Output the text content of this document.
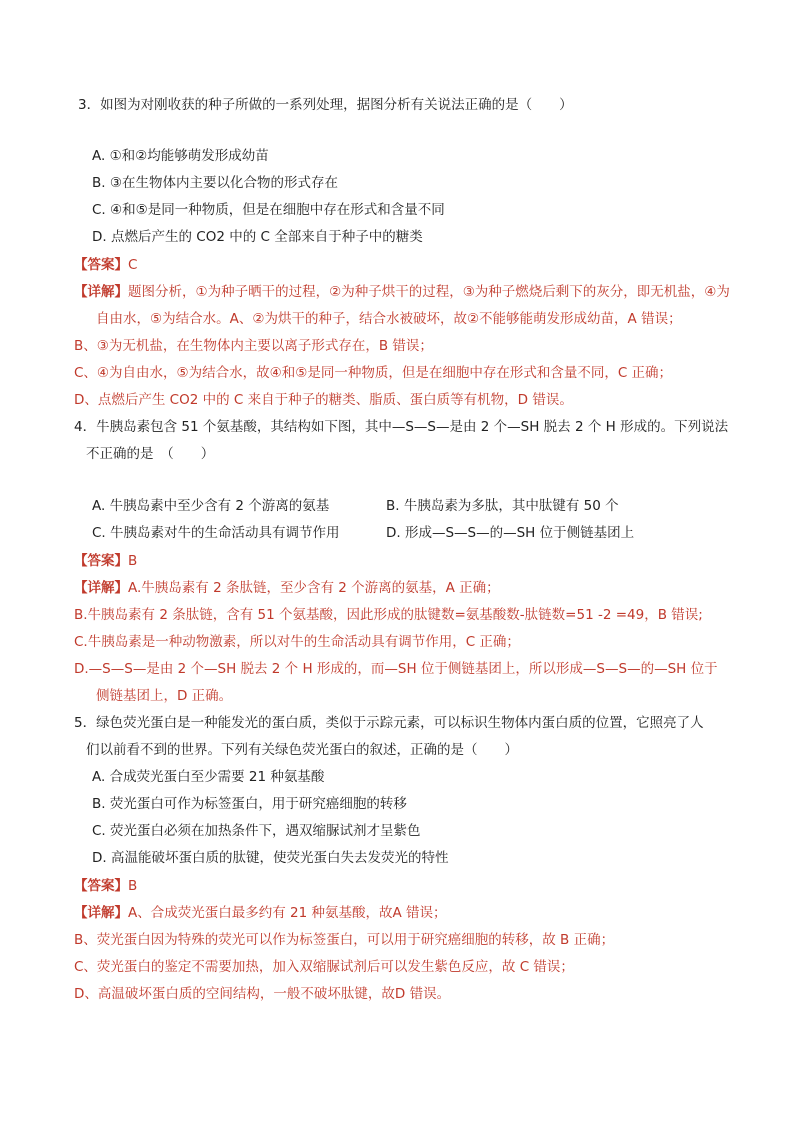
3．如图为对刚收获的种子所做的一系列处理，据图分析有关说法正确的是（　　）
A. ①和②均能够萌发形成幼苗
B. ③在生物体内主要以化合物的形式存在
C. ④和⑤是同一种物质，但是在细胞中存在形式和含量不同
D. 点燃后产生的 CO2 中的 C 全部来自于种子中的糖类
【答案】C
【详解】题图分析，①为种子晒干的过程，②为种子烘干的过程，③为种子燃烧后剩下的灰分，即无机盐，④为
自由水，⑤为结合水。A、②为烘干的种子，结合水被破坏，故②不能够能萌发形成幼苗，A 错误；
B、③为无机盐，在生物体内主要以离子形式存在，B 错误；
C、④为自由水，⑤为结合水，故④和⑤是同一种物质，但是在细胞中存在形式和含量不同，C 正确；
D、点燃后产生 CO2 中的 C 来自于种子的糖类、脂质、蛋白质等有机物，D 错误。
4．牛胰岛素包含 51 个氨基酸，其结构如下图，其中—S—S—是由 2 个—SH 脱去 2 个 H 形成的。下列说法
不正确的是　（　　）
A. 牛胰岛素中至少含有 2 个游离的氨基	B. 牛胰岛素为多肽，其中肽键有 50 个
C. 牛胰岛素对牛的生命活动具有调节作用	D. 形成—S—S—的—SH 位于侧链基团上
【答案】B
【详解】A.牛胰岛素有 2 条肽链，至少含有 2 个游离的氨基，A 正确；
B.牛胰岛素有 2 条肽链，含有 51 个氨基酸，因此形成的肽键数=氨基酸数-肽链数=51 -2 =49，B 错误;
C.牛胰岛素是一种动物激素，所以对牛的生命活动具有调节作用，C 正确；
D.—S—S—是由 2 个—SH 脱去 2 个 H 形成的，而—SH 位于侧链基团上，所以形成—S—S—的—SH 位于
侧链基团上，D 正确。
5．绿色荧光蛋白是一种能发光的蛋白质，类似于示踪元素，可以标识生物体内蛋白质的位置，它照亮了人
们以前看不到的世界。下列有关绿色荧光蛋白的叙述，正确的是（　　）
A. 合成荧光蛋白至少需要 21 种氨基酸
B. 荧光蛋白可作为标签蛋白，用于研究癌细胞的转移
C. 荧光蛋白必须在加热条件下，遇双缩脲试剂才呈紫色
D. 高温能破坏蛋白质的肽键，使荧光蛋白失去发荧光的特性
【答案】B
【详解】A、合成荧光蛋白最多约有 21 种氨基酸，故A 错误；
B、荧光蛋白因为特殊的荧光可以作为标签蛋白，可以用于研究癌细胞的转移，故 B 正确；
C、荧光蛋白的鉴定不需要加热，加入双缩脲试剂后可以发生紫色反应，故 C 错误；
D、高温破坏蛋白质的空间结构，一般不破坏肽键，故D 错误。
